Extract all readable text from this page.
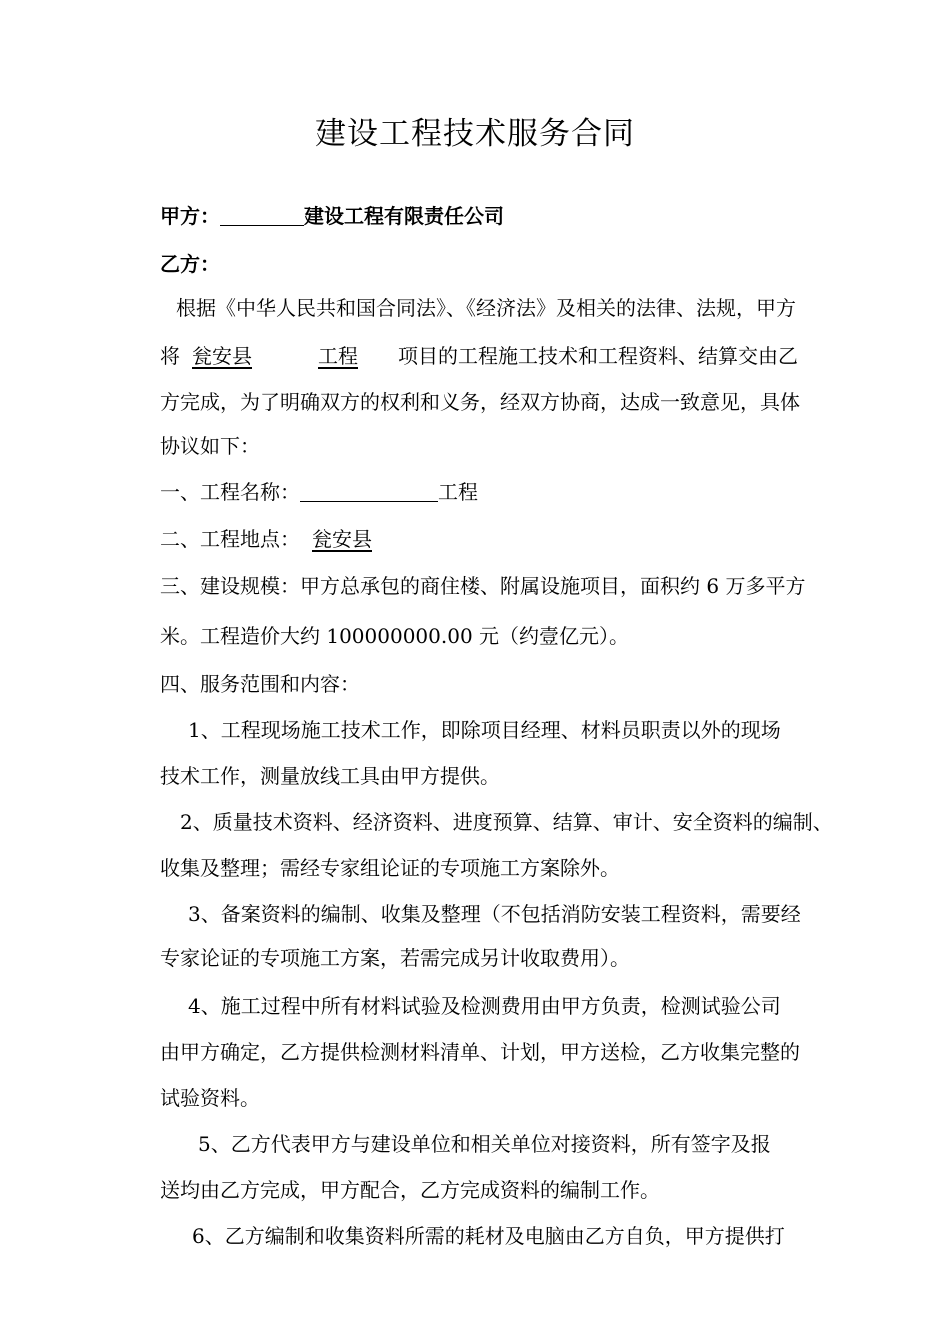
建设工程技术服务合同
甲方：	建设工程有限责任公司
乙方：
根据《中华人民共和国合同法》、《经济法》及相关的法律、法规，甲方
将 瓮安县	工程 项目的工程施工技术和工程资料、结算交由乙
方完成，为了明确双方的权利和义务，经双方协商，达成一致意见，具体
协议如下：
一、工程名称：	工程
二、工程地点： 瓮安县
三、建设规模：甲方总承包的商住楼、附属设施项目，面积约 6 万多平方
米。工程造价大约 100000000.00 元（约壹亿元）。
四、服务范围和内容：
1、工程现场施工技术工作，即除项目经理、材料员职责以外的现场
技术工作，测量放线工具由甲方提供。
2、质量技术资料、经济资料、进度预算、结算、审计、安全资料的编制、
收集及整理；需经专家组论证的专项施工方案除外。
3、备案资料的编制、收集及整理（不包括消防安装工程资料，需要经
专家论证的专项施工方案，若需完成另计收取费用）。
4、施工过程中所有材料试验及检测费用由甲方负责，检测试验公司
由甲方确定，乙方提供检测材料清单、计划，甲方送检，乙方收集完整的
试验资料。
5、乙方代表甲方与建设单位和相关单位对接资料，所有签字及报
送均由乙方完成，甲方配合，乙方完成资料的编制工作。
6、乙方编制和收集资料所需的耗材及电脑由乙方自负，甲方提供打
